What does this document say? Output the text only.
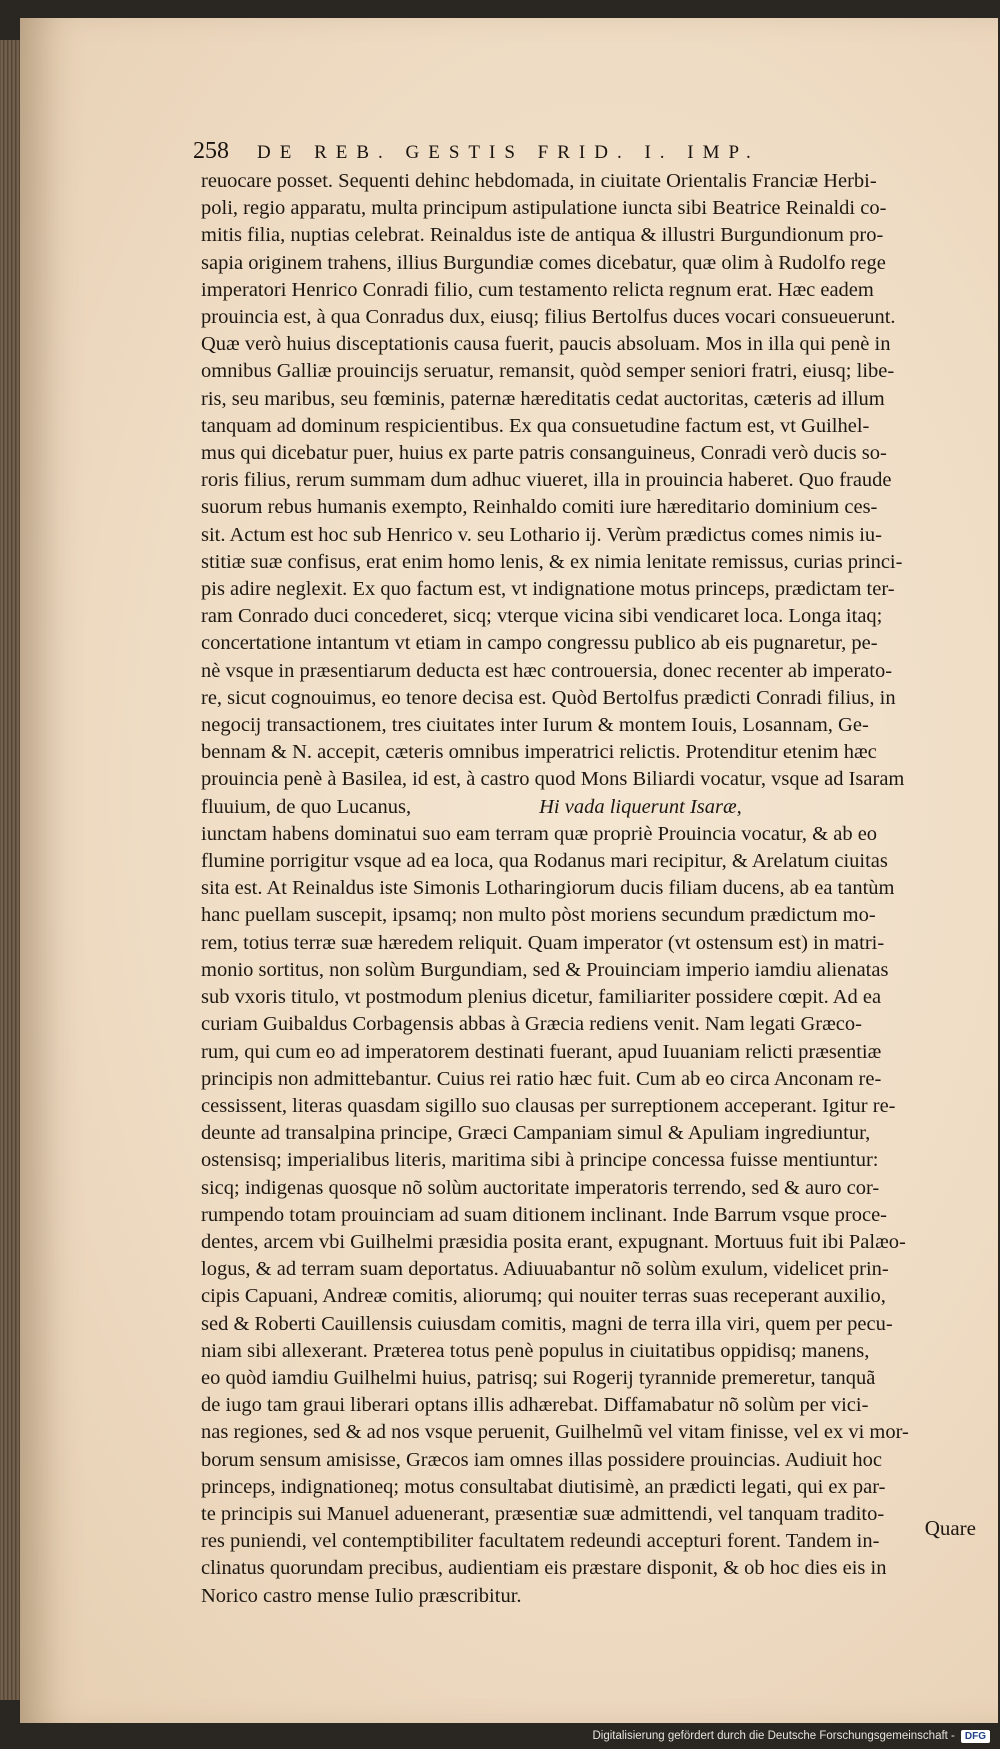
258 DE REB. GESTIS FRID. I. IMP.
reuocare posset. Sequenti dehinc hebdomada, in ciuitate Orientalis Franciæ Herbi-
poli, regio apparatu, multa principum astipulatione iuncta sibi Beatrice Reinaldi co-
mitis filia, nuptias celebrat. Reinaldus iste de antiqua & illustri Burgundionum pro-
sapia originem trahens, illius Burgundiæ comes dicebatur, quæ olim à Rudolfo rege
imperatori Henrico Conradi filio, cum testamento relicta regnum erat. Hæc eadem
prouincia est, à qua Conradus dux, eiusq; filius Bertolfus duces vocari consueuerunt.
Quæ verò huius disceptationis causa fuerit, paucis absoluam. Mos in illa qui penè in
omnibus Galliæ prouincijs seruatur, remansit, quòd semper seniori fratri, eiusq; libe-
ris, seu maribus, seu fœminis, paternæ hæreditatis cedat auctoritas, cæteris ad illum
tanquam ad dominum respicientibus. Ex qua consuetudine factum est, vt Guilhel-
mus qui dicebatur puer, huius ex parte patris consanguineus, Conradi verò ducis so-
roris filius, rerum summam dum adhuc viueret, illa in prouincia haberet. Quo fraude
suorum rebus humanis exempto, Reinhaldo comiti iure hæreditario dominium ces-
sit. Actum est hoc sub Henrico v. seu Lothario ij. Verùm prædictus comes nimis iu-
stitiæ suæ confisus, erat enim homo lenis, & ex nimia lenitate remissus, curias princi-
pis adire neglexit. Ex quo factum est, vt indignatione motus princeps, prædictam ter-
ram Conrado duci concederet, sicq; vterque vicina sibi vendicaret loca. Longa itaq;
concertatione intantum vt etiam in campo congressu publico ab eis pugnaretur, pe-
nè vsque in præsentiarum deducta est hæc controuersia, donec recenter ab imperato-
re, sicut cognouimus, eo tenore decisa est. Quòd Bertolfus prædicti Conradi filius, in
negocij transactionem, tres ciuitates inter Iurum & montem Iouis, Losannam, Ge-
bennam & N. accepit, cæteris omnibus imperatrici relictis. Protenditur etenim hæc
prouincia penè à Basilea, id est, à castro quod Mons Biliardi vocatur, vsque ad Isaram
fluuium, de quo Lucanus,	Hi vada liquerunt Isaræ,
iunctam habens dominatui suo eam terram quæ propriè Prouincia vocatur, & ab eo
flumine porrigitur vsque ad ea loca, qua Rodanus mari recipitur, & Arelatum ciuitas
sita est. At Reinaldus iste Simonis Lotharingiorum ducis filiam ducens, ab ea tantùm
hanc puellam suscepit, ipsamq; non multo pòst moriens secundum prædictum mo-
rem, totius terræ suæ hæredem reliquit. Quam imperator (vt ostensum est) in matri-
monio sortitus, non solùm Burgundiam, sed & Prouinciam imperio iamdiu alienatas
sub vxoris titulo, vt postmodum plenius dicetur, familiariter possidere cœpit. Ad ea
curiam Guibaldus Corbagensis abbas à Græcia rediens venit. Nam legati Græco-
rum, qui cum eo ad imperatorem destinati fuerant, apud Iuuaniam relicti præsentiæ
principis non admittebantur. Cuius rei ratio hæc fuit. Cum ab eo circa Anconam re-
cessissent, literas quasdam sigillo suo clausas per surreptionem acceperant. Igitur re-
deunte ad transalpina principe, Græci Campaniam simul & Apuliam ingrediuntur,
ostensisq; imperialibus literis, maritima sibi à principe concessa fuisse mentiuntur:
sicq; indigenas quosque nõ solùm auctoritate imperatoris terrendo, sed & auro cor-
rumpendo totam prouinciam ad suam ditionem inclinant. Inde Barrum vsque proce-
dentes, arcem vbi Guilhelmi præsidia posita erant, expugnant. Mortuus fuit ibi Palæo-
logus, & ad terram suam deportatus. Adiuuabantur nõ solùm exulum, videlicet prin-
cipis Capuani, Andreæ comitis, aliorumq; qui nouiter terras suas receperant auxilio,
sed & Roberti Cauillensis cuiusdam comitis, magni de terra illa viri, quem per pecu-
niam sibi allexerant. Præterea totus penè populus in ciuitatibus oppidisq; manens,
eo quòd iamdiu Guilhelmi huius, patrisq; sui Rogerij tyrannide premeretur, tanquã
de iugo tam graui liberari optans illis adhærebat. Diffamabatur nõ solùm per vici-
nas regiones, sed & ad nos vsque peruenit, Guilhelmũ vel vitam finisse, vel ex vi mor-
borum sensum amisisse, Græcos iam omnes illas possidere prouincias. Audiuit hoc
princeps, indignationeq; motus consultabat diutisimè, an prædicti legati, qui ex par-
te principis sui Manuel aduenerant, præsentiæ suæ admittendi, vel tanquam tradito-
res puniendi, vel contemptibiliter facultatem redeundi accepturi forent. Tandem in-
clinatus quorundam precibus, audientiam eis præstare disponit, & ob hoc dies eis in
Norico castro mense Iulio præscribitur.
Quare
Digitalisierung gefördert durch die Deutsche Forschungsgemeinschaft -	DFG
